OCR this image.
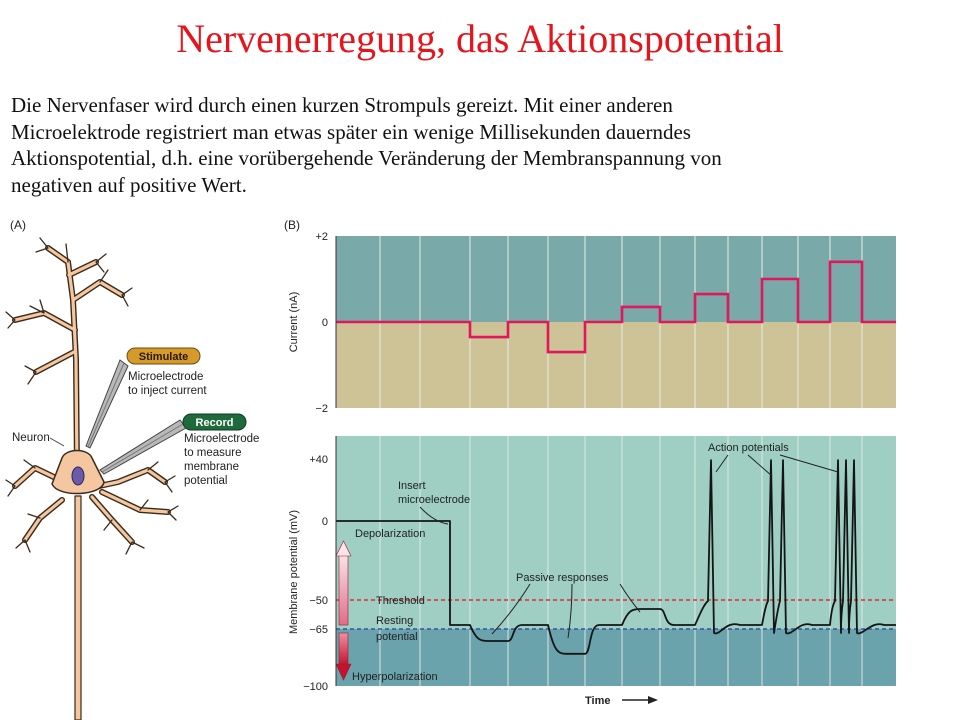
Nervenerregung, das Aktionspotential
Die Nervenfaser wird durch einen kurzen Strompuls gereizt. Mit einer anderen
Microelektrode registriert man etwas später ein wenige Millisekunden dauerndes
Aktionspotential, d.h. eine vorübergehende Veränderung der Membranspannung von
negativen auf positive Wert.
(A)
Neuron
Stimulate
Microelectrode
to inject current
Record
Microelectrode
to measure
membrane
potential
(B)
+2
0
−2
Current (nA)
+40
0
−50
−65
−100
Membrane potential (mV)	Depolarization
Hyperpolarization
Threshold
Resting
potential
Insert
microelectrode
Passive responses
Action potentials
Time
